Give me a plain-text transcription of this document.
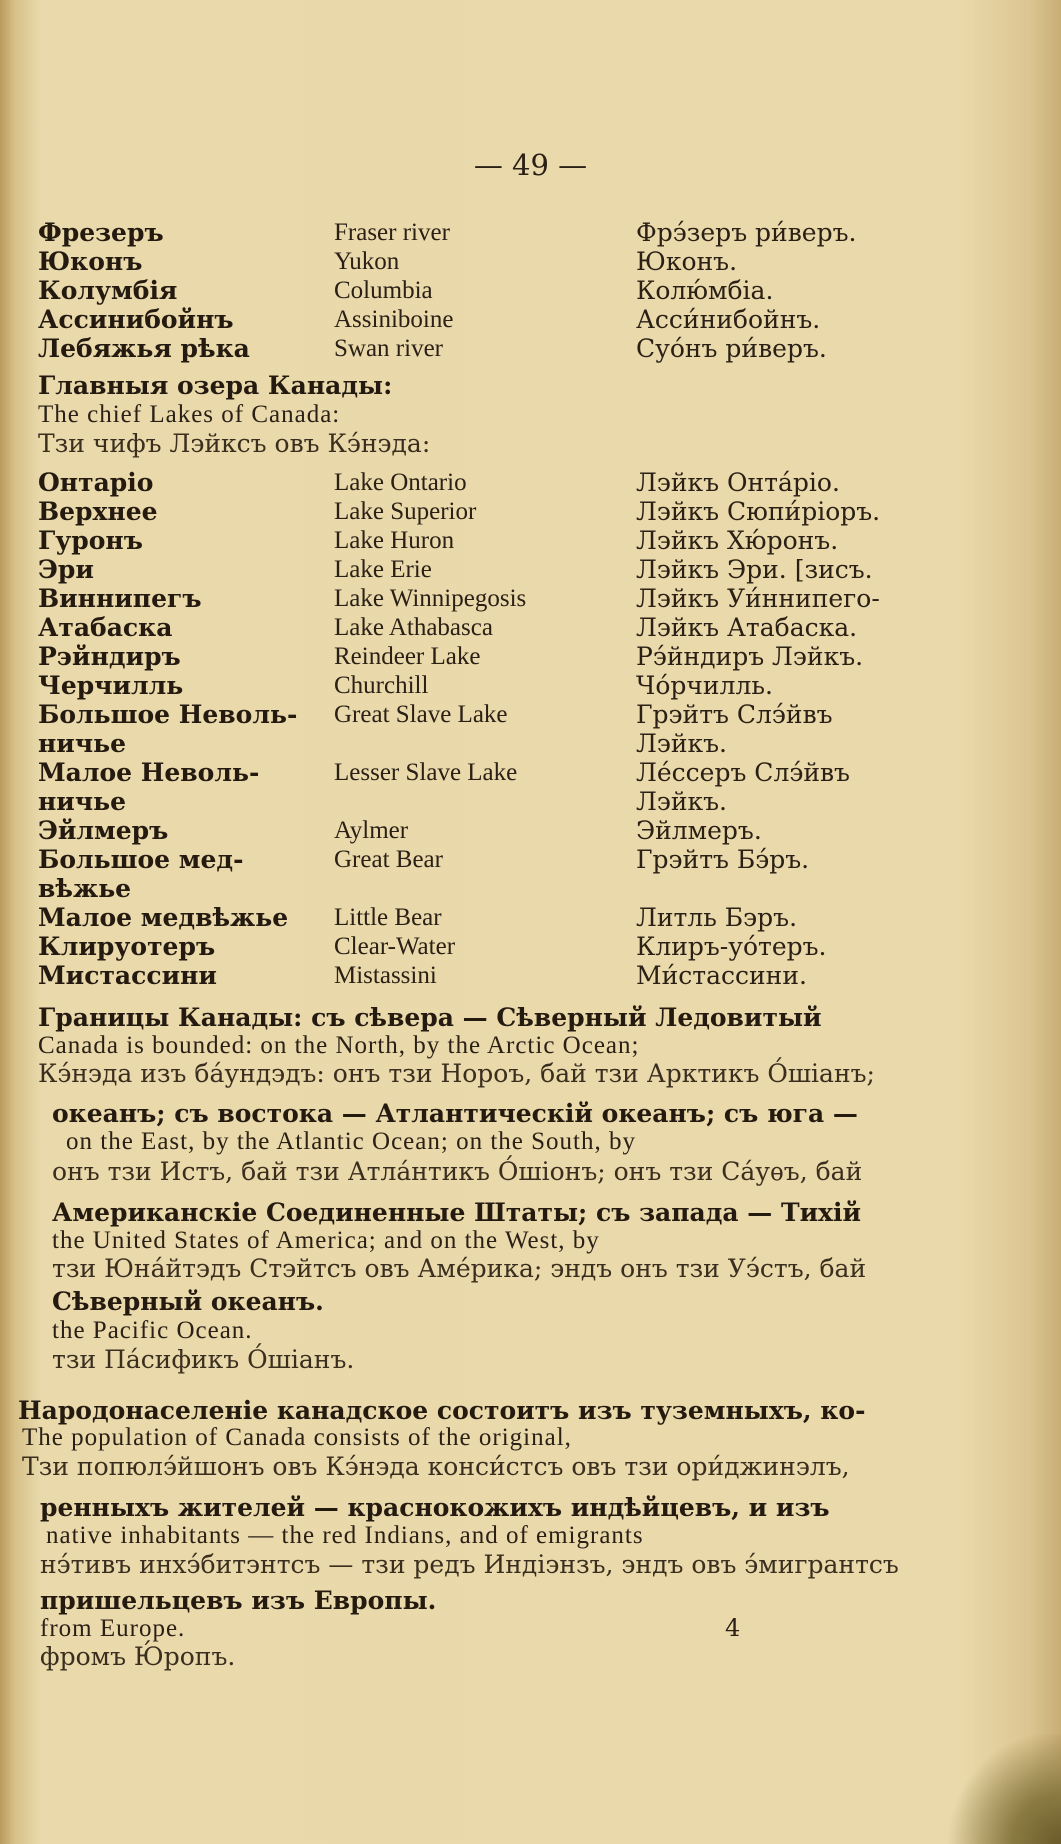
— 49 —
Фрезеръ	Fraser river	Фрэ́зеръ ри́веръ.
Юконъ	Yukon	Юконъ.
Колумбія	Columbia	Колю́мбіа.
Ассинибойнъ	Assiniboine	Асси́нибойнъ.
Лебяжья рѣка	Swan river	Суо́нъ ри́веръ.
Главныя озера Канады:
The chief Lakes of Canada:
Тзи чифъ Лэйксъ овъ Кэ́нэда:
Онтаріо	Lake Ontario	Лэйкъ Онта́ріо.
Верхнее	Lake Superior	Лэйкъ Сюпи́ріоръ.
Гуронъ	Lake Huron	Лэйкъ Хю́ронъ.
Эри	Lake Erie	Лэйкъ Эри. [зисъ.
Виннипегъ	Lake Winnipegosis	Лэйкъ Уи́ннипего-
Атабаска	Lake Athabasca	Лэйкъ Атабаска.
Рэйндиръ	Reindeer Lake	Рэ́йндиръ Лэйкъ.
Черчилль	Churchill	Чо́рчилль.
Большое Неволь- Great Slave Lake	Грэйтъ Слэ́йвъ
ничье	Лэйкъ.
Малое Неволь-	Lesser Slave Lake	Ле́ссеръ Слэ́йвъ
ничье	Лэйкъ.
Эйлмеръ	Aylmer	Эйлмеръ.
Большое мед-	Great Bear	Грэйтъ Бэ́ръ.
вѣжье
Малое медвѣжье Little Bear	Литль Бэръ.
Клируотеръ	Clear-Water	Клиръ-уо́теръ.
Мистассини	Mistassini	Ми́стассини.
Границы Канады: съ сѣвера — Сѣверный Ледовитый
Canada is bounded: on the North, by the Arctic Ocean;
Кэ́нэда изъ ба́ундэдъ: онъ тзи Нороъ, бай тзи Арктикъ О́шіанъ;
океанъ; съ востока — Атлантическій океанъ; съ юга —
on the East, by the Atlantic Ocean; on the South, by
онъ тзи Истъ, бай тзи Атла́нтикъ О́шіонъ; онъ тзи Са́уѳъ, бай
Американскіе Соединенные Штаты; съ запада — Тихій
the United States of America; and on the West, by
тзи Юна́йтэдъ Стэйтсъ овъ Аме́рика; эндъ онъ тзи Уэ́стъ, бай
Сѣверный океанъ.
the Pacific Ocean.
тзи Па́сификъ О́шіанъ.
Народонаселеніе канадское состоитъ изъ туземныхъ, ко-
The population of Canada consists of the original,
Тзи попюлэ́йшонъ овъ Кэ́нэда конси́стсъ овъ тзи ори́джинэлъ,
ренныхъ жителей — краснокожихъ индѣйцевъ, и изъ
native inhabitants — the red Indians, and of emigrants
нэ́тивъ инхэ́битэнтсъ — тзи редъ Индіэнзъ, эндъ овъ э́мигрантсъ
пришельцевъ изъ Европы.
from Europe.
фромъ Ю́ропъ.
4
